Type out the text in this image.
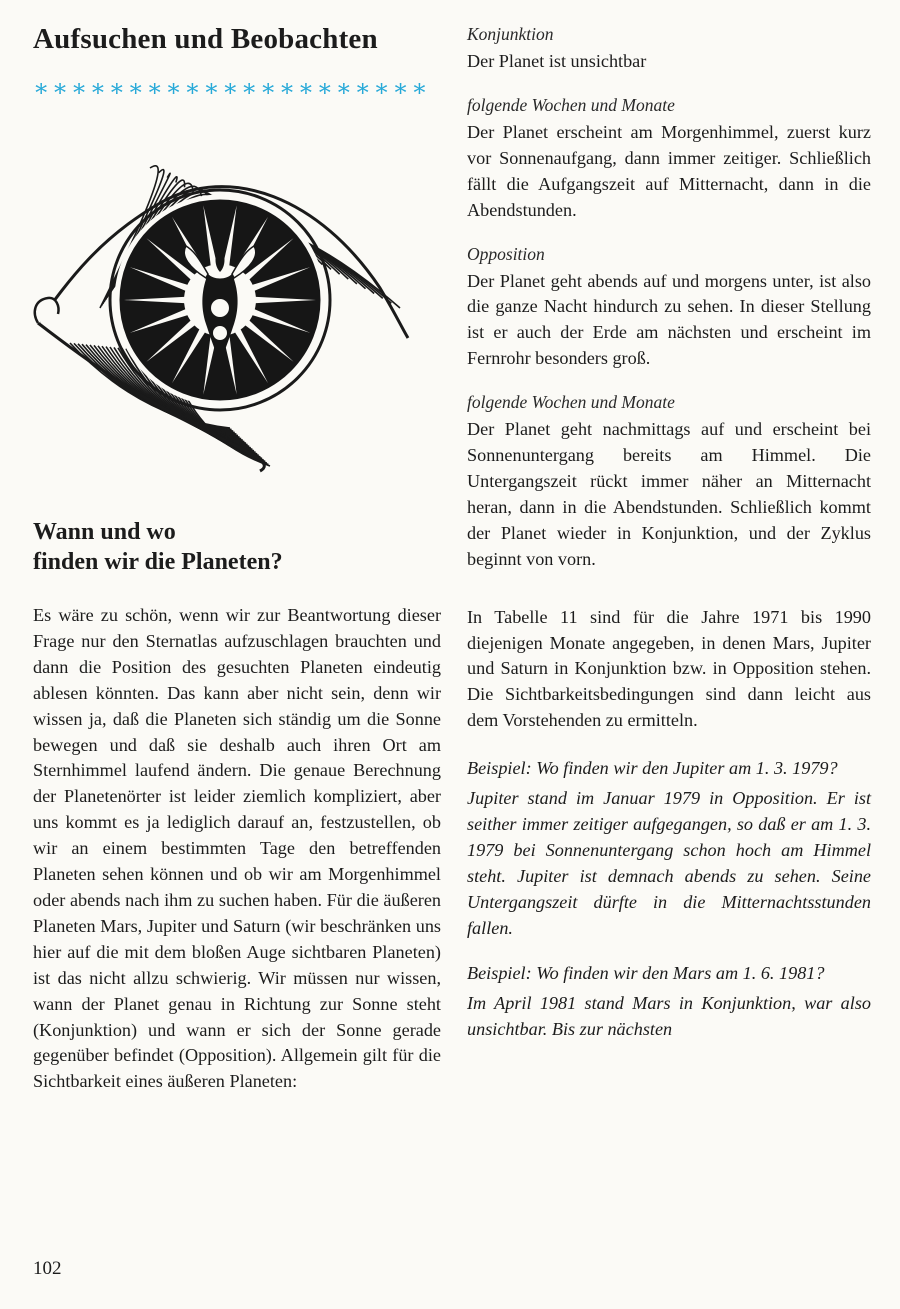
Aufsuchen und Beobachten
∗∗∗∗∗∗∗∗∗∗∗∗∗∗∗∗∗∗∗∗∗
Wann und wo
finden wir die Planeten?

Es wäre zu schön, wenn wir zur Beantwortung dieser Frage nur den Sternatlas aufzuschlagen brauchten und dann die Position des gesuchten Planeten eindeutig ablesen könnten. Das kann aber nicht sein, denn wir wissen ja, daß die Planeten sich ständig um die Sonne bewegen und daß sie deshalb auch ihren Ort am Sternhimmel laufend ändern. Die genaue Berechnung der Planetenörter ist leider ziemlich kompliziert, aber uns kommt es ja lediglich darauf an, festzustellen, ob wir an einem bestimmten Tage den betreffenden Planeten sehen können und ob wir am Morgenhimmel oder abends nach ihm zu suchen haben. Für die äußeren Planeten Mars, Jupiter und Saturn (wir beschränken uns hier auf die mit dem bloßen Auge sichtbaren Planeten) ist das nicht allzu schwierig. Wir müssen nur wissen, wann der Planet genau in Richtung zur Sonne steht (Konjunktion) und wann er sich der Sonne gerade gegenüber befindet (Opposition). Allgemein gilt für die Sichtbarkeit eines äußeren Planeten:

Konjunktion

Der Planet ist unsichtbar

folgende Wochen und Monate

Der Planet erscheint am Morgenhimmel, zuerst kurz vor Sonnenaufgang, dann immer zeitiger. Schließlich fällt die Aufgangszeit auf Mitternacht, dann in die Abendstunden.

Opposition

Der Planet geht abends auf und morgens unter, ist also die ganze Nacht hindurch zu sehen. In dieser Stellung ist er auch der Erde am nächsten und erscheint im Fernrohr besonders groß.

folgende Wochen und Monate

Der Planet geht nachmittags auf und erscheint bei Sonnenuntergang bereits am Himmel. Die Untergangszeit rückt immer näher an Mitternacht heran, dann in die Abendstunden. Schließlich kommt der Planet wieder in Konjunktion, und der Zyklus beginnt von vorn.

In Tabelle 11 sind für die Jahre 1971 bis 1990 diejenigen Monate angegeben, in denen Mars, Jupiter und Saturn in Konjunktion bzw. in Opposition stehen. Die Sichtbarkeitsbedingungen sind dann leicht aus dem Vorstehenden zu ermitteln.

Beispiel: Wo finden wir den Jupiter am 1. 3. 1979?

Jupiter stand im Januar 1979 in Opposition. Er ist seither immer zeitiger aufgegangen, so daß er am 1. 3. 1979 bei Sonnenuntergang schon hoch am Himmel steht. Jupiter ist demnach abends zu sehen. Seine Untergangszeit dürfte in die Mitternachtsstunden fallen.

Beispiel: Wo finden wir den Mars am 1. 6. 1981?

Im April 1981 stand Mars in Konjunktion, war also unsichtbar. Bis zur nächsten

102
